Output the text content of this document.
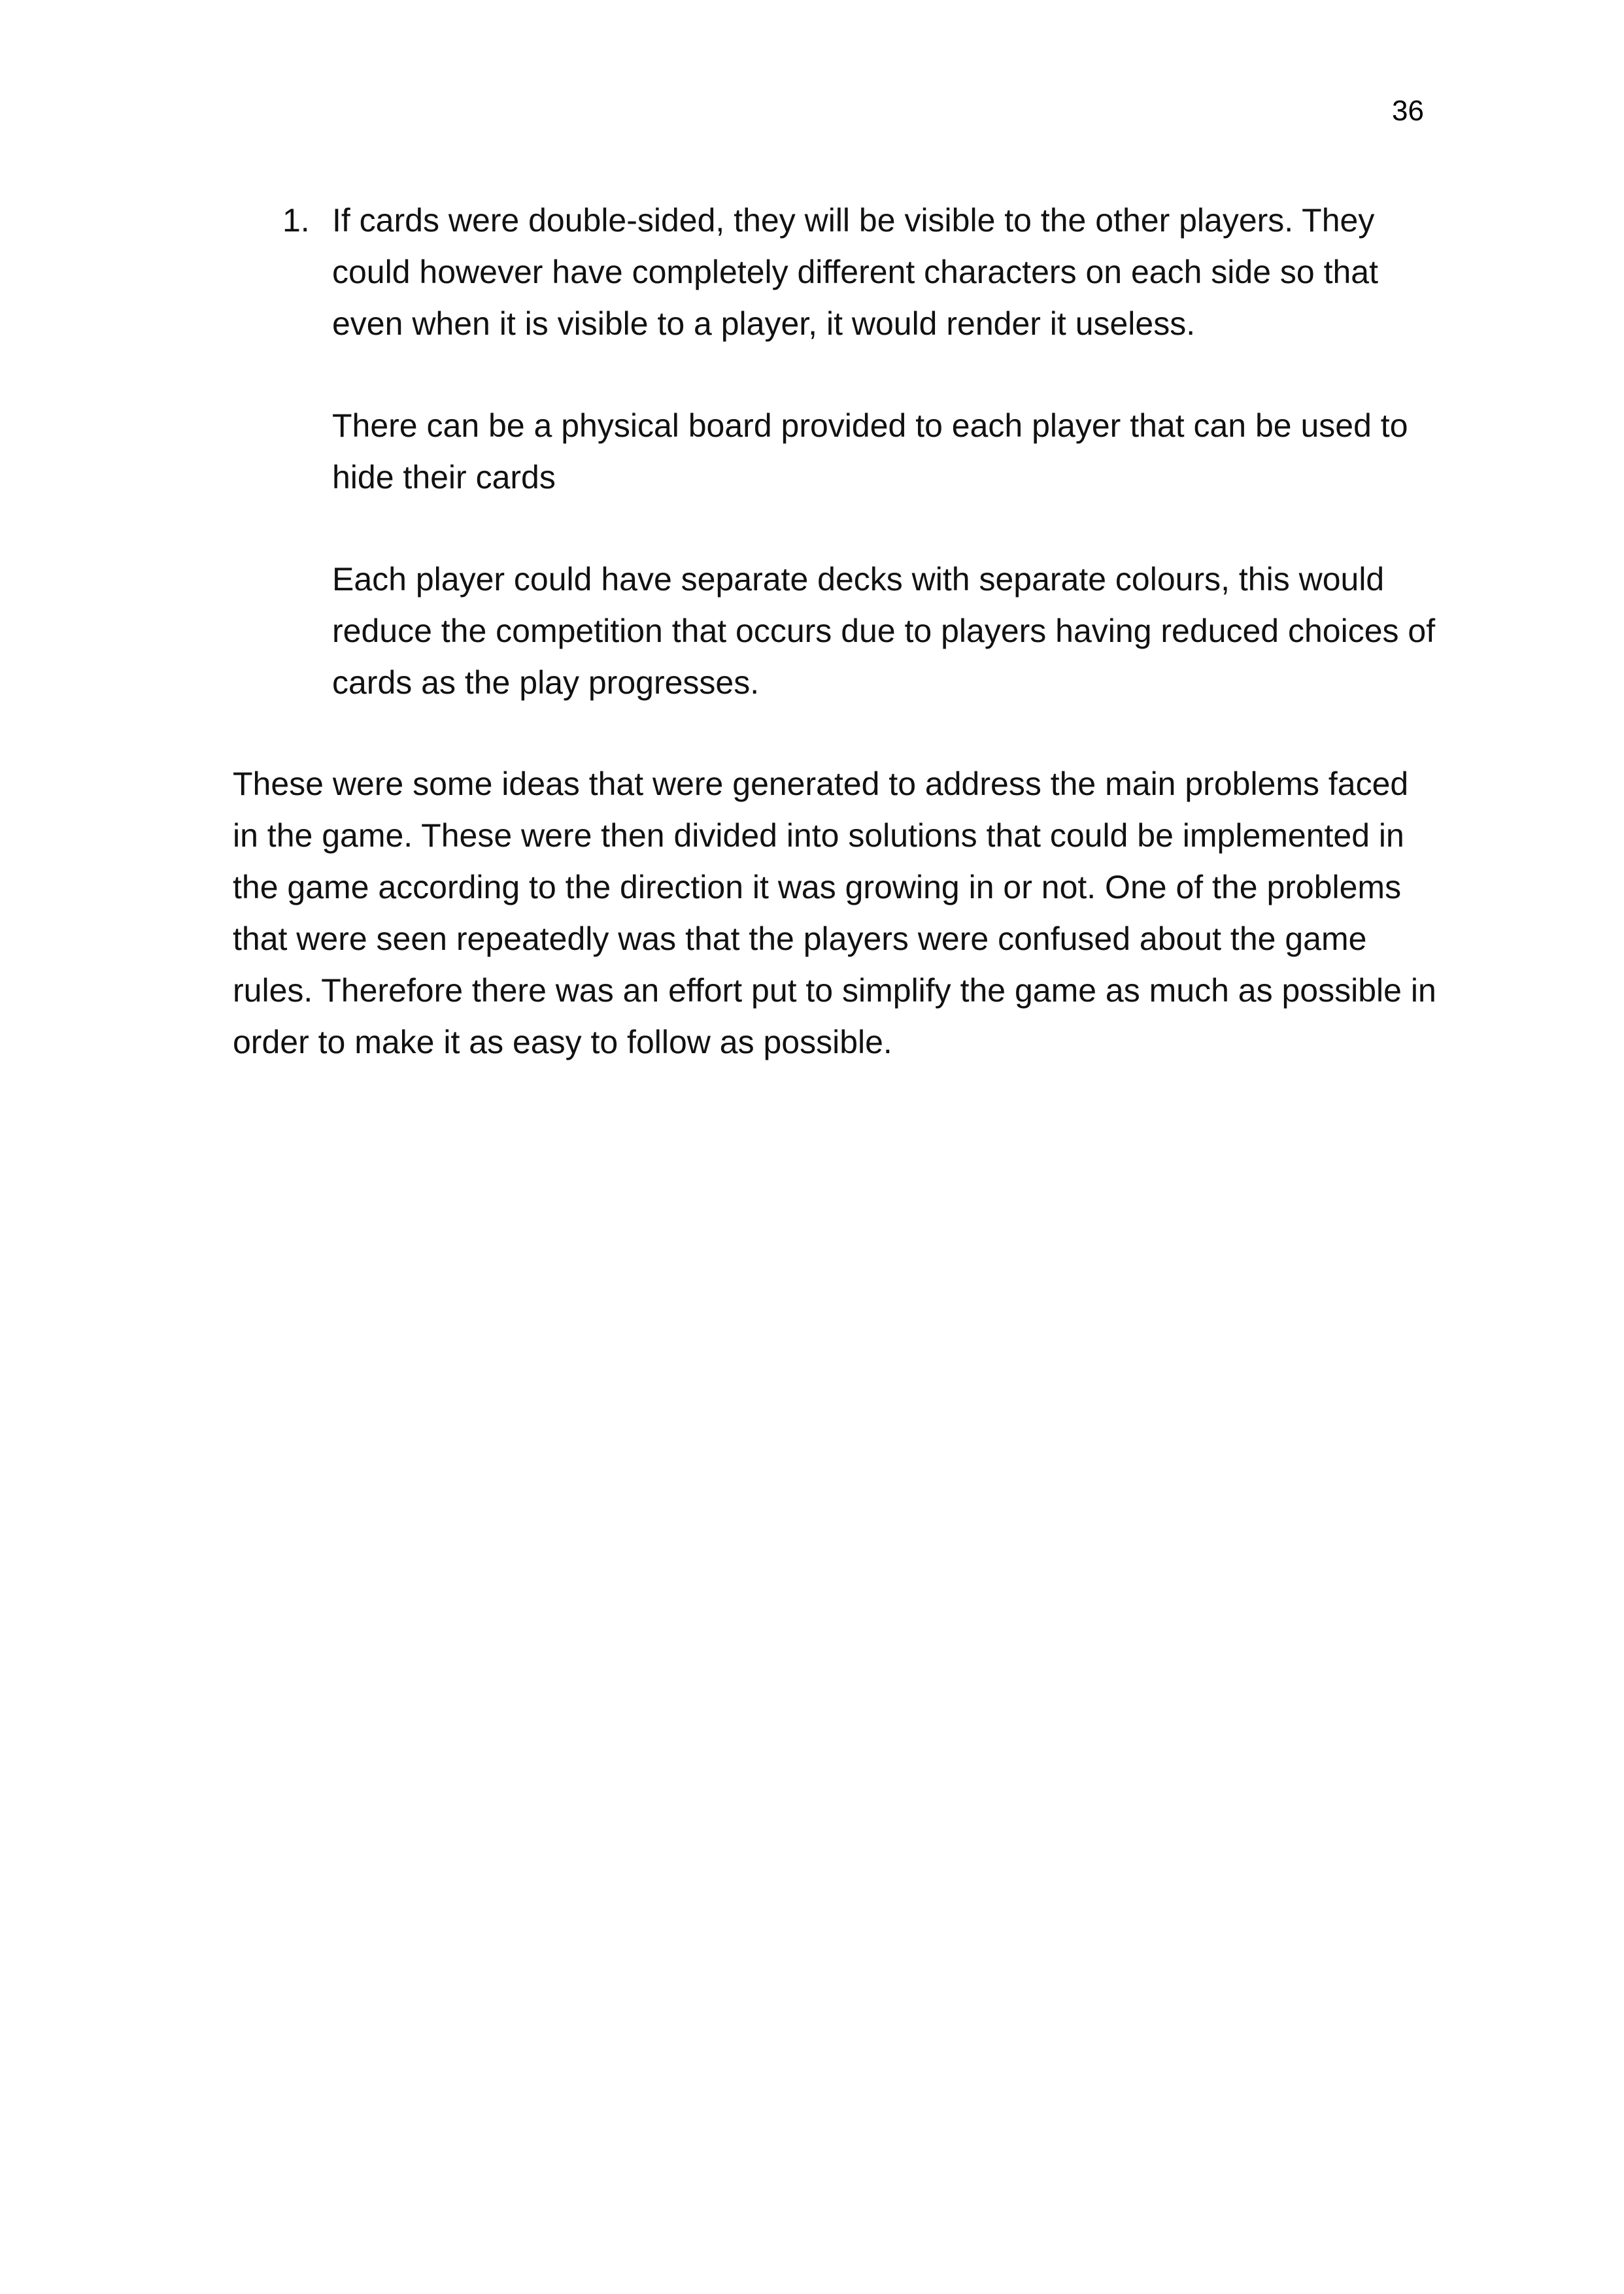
36
1. If cards were double-sided, they will be visible to the other players. They could however have completely different characters on each side so that even when it is visible to a player, it would render it useless.

There can be a physical board provided to each player that can be used to hide their cards

Each player could have separate decks with separate colours, this would reduce the competition that occurs due to players having reduced choices of cards as the play progresses.

These were some ideas that were generated to address the main problems faced in the game. These were then divided into solutions that could be implemented in the game according to the direction it was growing in or not. One of the problems that were seen repeatedly was that the players were confused about the game rules. Therefore there was an effort put to simplify the game as much as possible in order to make it as easy to follow as possible.
